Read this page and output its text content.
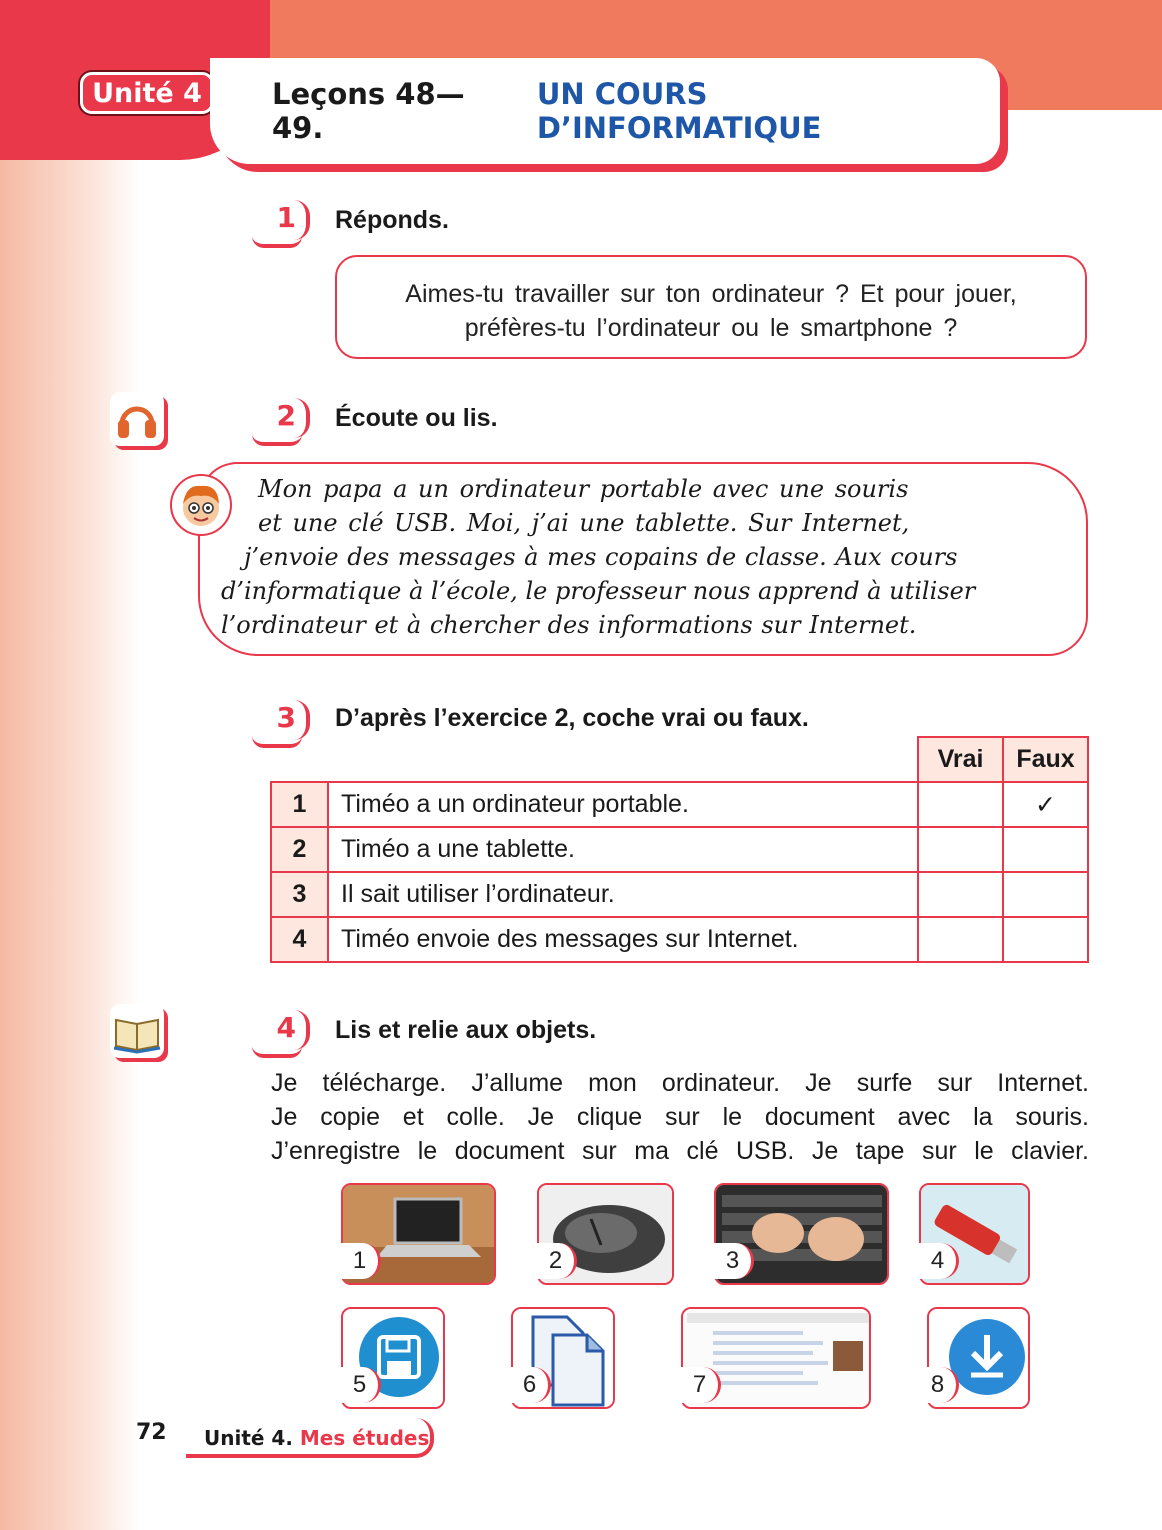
Unité 4	Leçons 48—49.
UN COURS D’INFORMATIQUE
1	Réponds.
Aimes-tu travailler sur ton ordinateur ? Et pour jouer,
préfères-tu l’ordinateur ou le smartphone ?
2	Écoute ou lis.
Mon papa a un ordinateur portable avec une souris
et une clé USB. Moi, j’ai une tablette. Sur Internet,
j’envoie des messages à mes copains de classe. Aux cours
d’informatique à l’école, le professeur nous apprend à utiliser
l’ordinateur et à chercher des informations sur Internet.
3	D’après l’exercice 2, coche vrai ou faux.
		Vrai	Faux
1	Timéo a un ordinateur portable.		✓
2	Timéo a une tablette.		
3	Il sait utiliser l’ordinateur.		
4	Timéo envoie des messages sur Internet.		
4	Lis et relie aux objets.
Je télécharge. J’allume mon ordinateur. Je surfe sur Internet.
Je copie et colle. Je clique sur le document avec la souris.
J’enregistre le document sur ma clé USB. Je tape sur le clavier.
1	2	3	4
5	6	7	8
72	Unité 4. Mes études
